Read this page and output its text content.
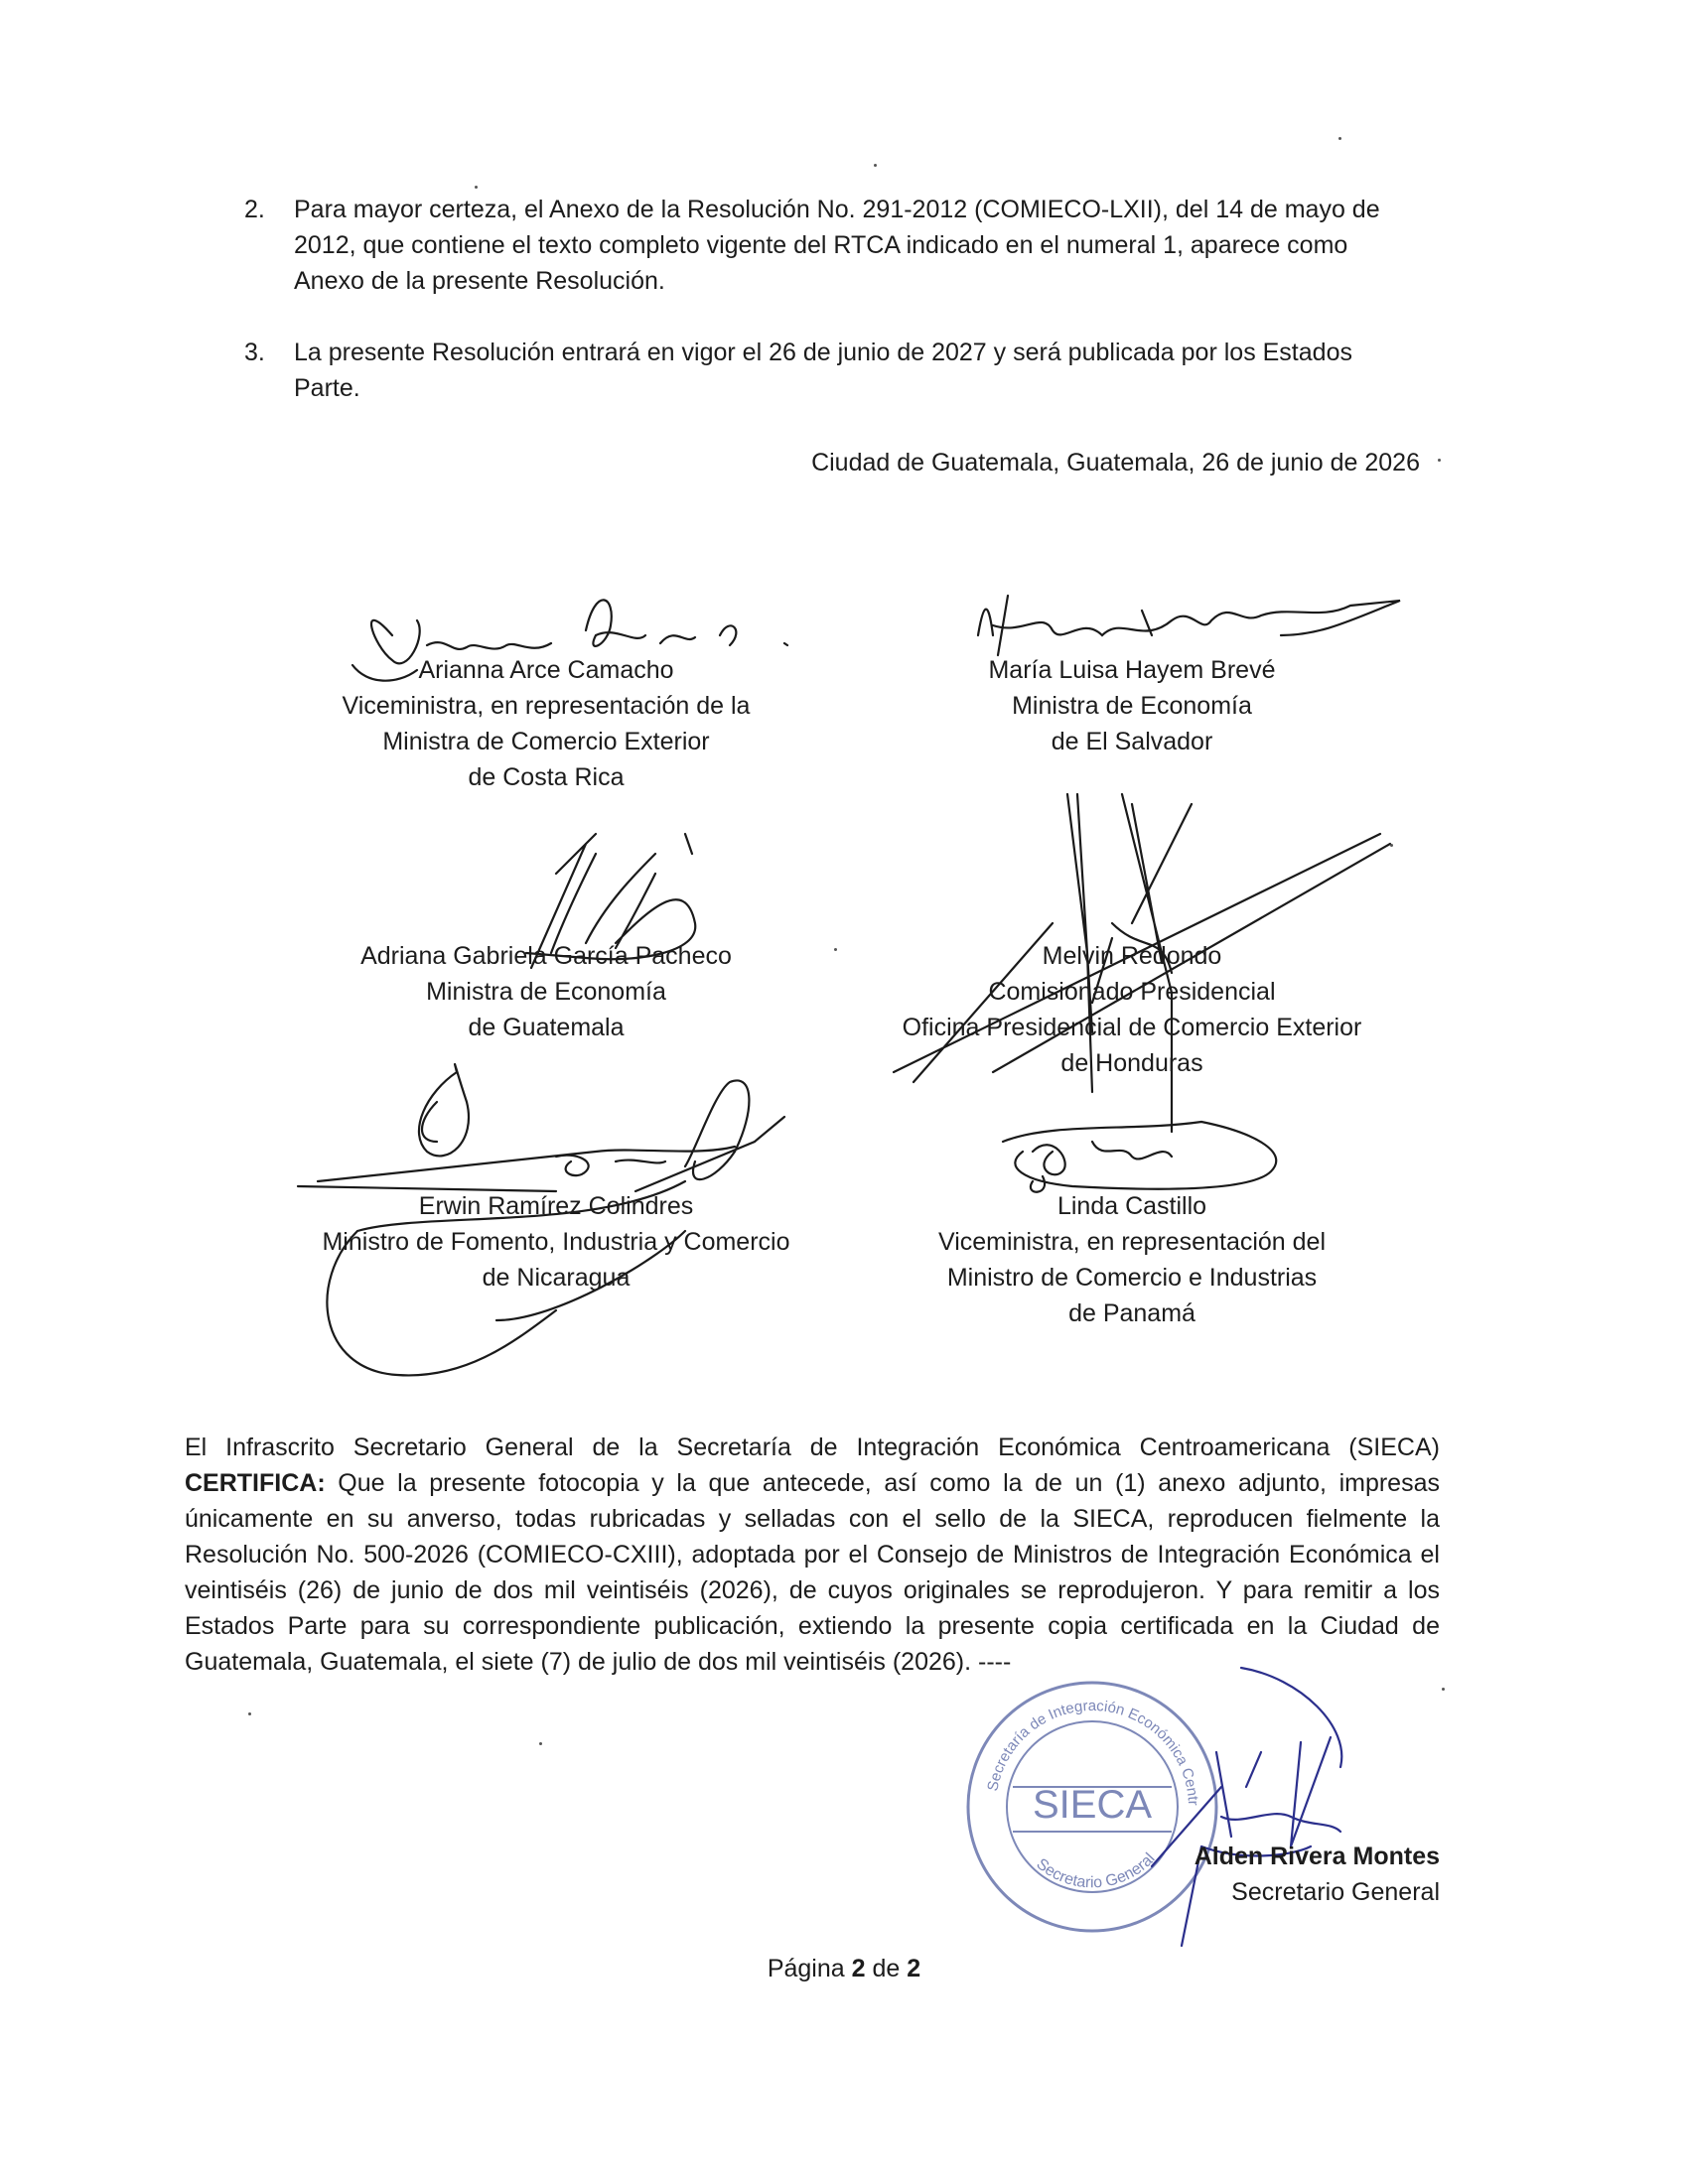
2. Para mayor certeza, el Anexo de la Resolución No. 291-2012 (COMIECO-LXII), del 14 de mayo de 2012, que contiene el texto completo vigente del RTCA indicado en el numeral 1, aparece como Anexo de la presente Resolución.
3. La presente Resolución entrará en vigor el 26 de junio de 2027 y será publicada por los Estados Parte.
Ciudad de Guatemala, Guatemala, 26 de junio de 2026
Secretaría de Integración Económica Centr
Secretario General
SIECA
Arianna Arce Camacho
Viceministra, en representación de la
Ministra de Comercio Exterior
de Costa Rica
María Luisa Hayem Brevé
Ministra de Economía
de El Salvador
Adriana Gabriela García Pacheco
Ministra de Economía
de Guatemala
Melvin Redondo
Comisionado Presidencial
Oficina Presidencial de Comercio Exterior
de Honduras
Erwin Ramírez Colindres
Ministro de Fomento, Industria y Comercio
de Nicaragua
Linda Castillo
Viceministra, en representación del
Ministro de Comercio e Industrias
de Panamá

El Infrascrito Secretario General de la Secretaría de Integración Económica Centroamericana (SIECA) CERTIFICA: Que la presente fotocopia y la que antecede, así como la de un (1) anexo adjunto, impresas únicamente en su anverso, todas rubricadas y selladas con el sello de la SIECA, reproducen fielmente la Resolución No. 500-2026 (COMIECO-CXIII), adoptada por el Consejo de Ministros de Integración Económica el veintiséis (26) de junio de dos mil veintiséis (2026), de cuyos originales se reprodujeron. Y para remitir a los Estados Parte para su correspondiente publicación, extiendo la presente copia certificada en la Ciudad de Guatemala, Guatemala, el siete (7) de julio de dos mil veintiséis (2026). ----

Alden Rivera Montes
Secretario General
Página 2 de 2
